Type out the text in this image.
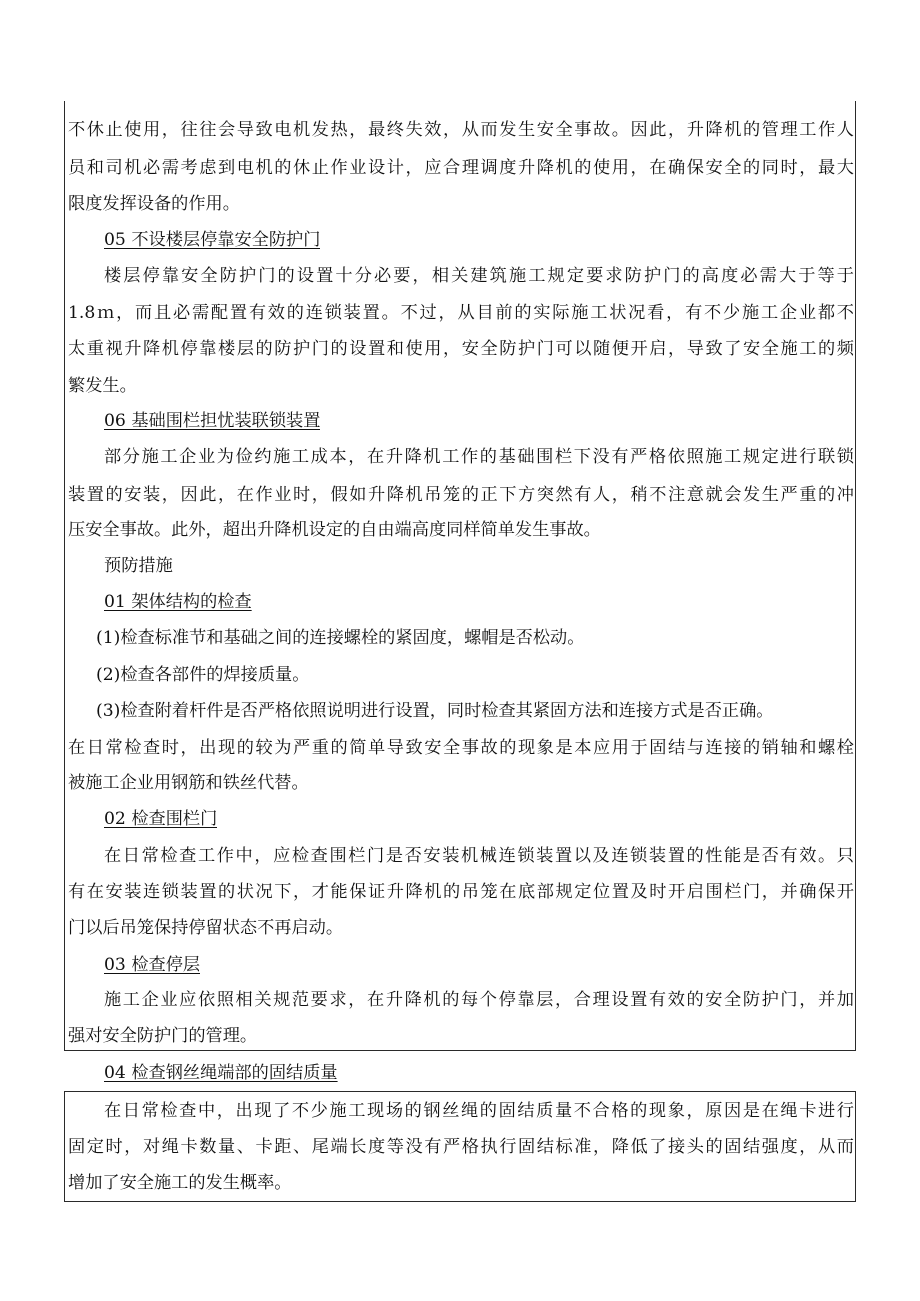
不休止使用，往往会导致电机发热，最终失效，从而发生安全事故。因此，升降机的管理工作人
员和司机必需考虑到电机的休止作业设计，应合理调度升降机的使用，在确保安全的同时，最大
限度发挥设备的作用。
05 不设楼层停靠安全防护门
楼层停靠安全防护门的设置十分必要，相关建筑施工规定要求防护门的高度必需大于等于
1.8ｍ，而且必需配置有效的连锁装置。不过，从目前的实际施工状况看，有不少施工企业都不
太重视升降机停靠楼层的防护门的设置和使用，安全防护门可以随便开启，导致了安全施工的频
繁发生。
06 基础围栏担忧装联锁装置
部分施工企业为俭约施工成本，在升降机工作的基础围栏下没有严格依照施工规定进行联锁
装置的安装，因此，在作业时，假如升降机吊笼的正下方突然有人，稍不注意就会发生严重的冲
压安全事故。此外，超出升降机设定的自由端高度同样简单发生事故。
预防措施
01 架体结构的检查
(1)检查标准节和基础之间的连接螺栓的紧固度，螺帽是否松动。
(2)检查各部件的焊接质量。
(3)检查附着杆件是否严格依照说明进行设置，同时检查其紧固方法和连接方式是否正确。
在日常检查时，出现的较为严重的简单导致安全事故的现象是本应用于固结与连接的销轴和螺栓
被施工企业用钢筋和铁丝代替。
02 检查围栏门
在日常检查工作中，应检查围栏门是否安装机械连锁装置以及连锁装置的性能是否有效。只
有在安装连锁装置的状况下，才能保证升降机的吊笼在底部规定位置及时开启围栏门，并确保开
门以后吊笼保持停留状态不再启动。
03 检查停层
施工企业应依照相关规范要求，在升降机的每个停靠层，合理设置有效的安全防护门，并加
强对安全防护门的管理。
04 检查钢丝绳端部的固结质量
在日常检查中，出现了不少施工现场的钢丝绳的固结质量不合格的现象，原因是在绳卡进行
固定时，对绳卡数量、卡距、尾端长度等没有严格执行固结标准，降低了接头的固结强度，从而
增加了安全施工的发生概率。
